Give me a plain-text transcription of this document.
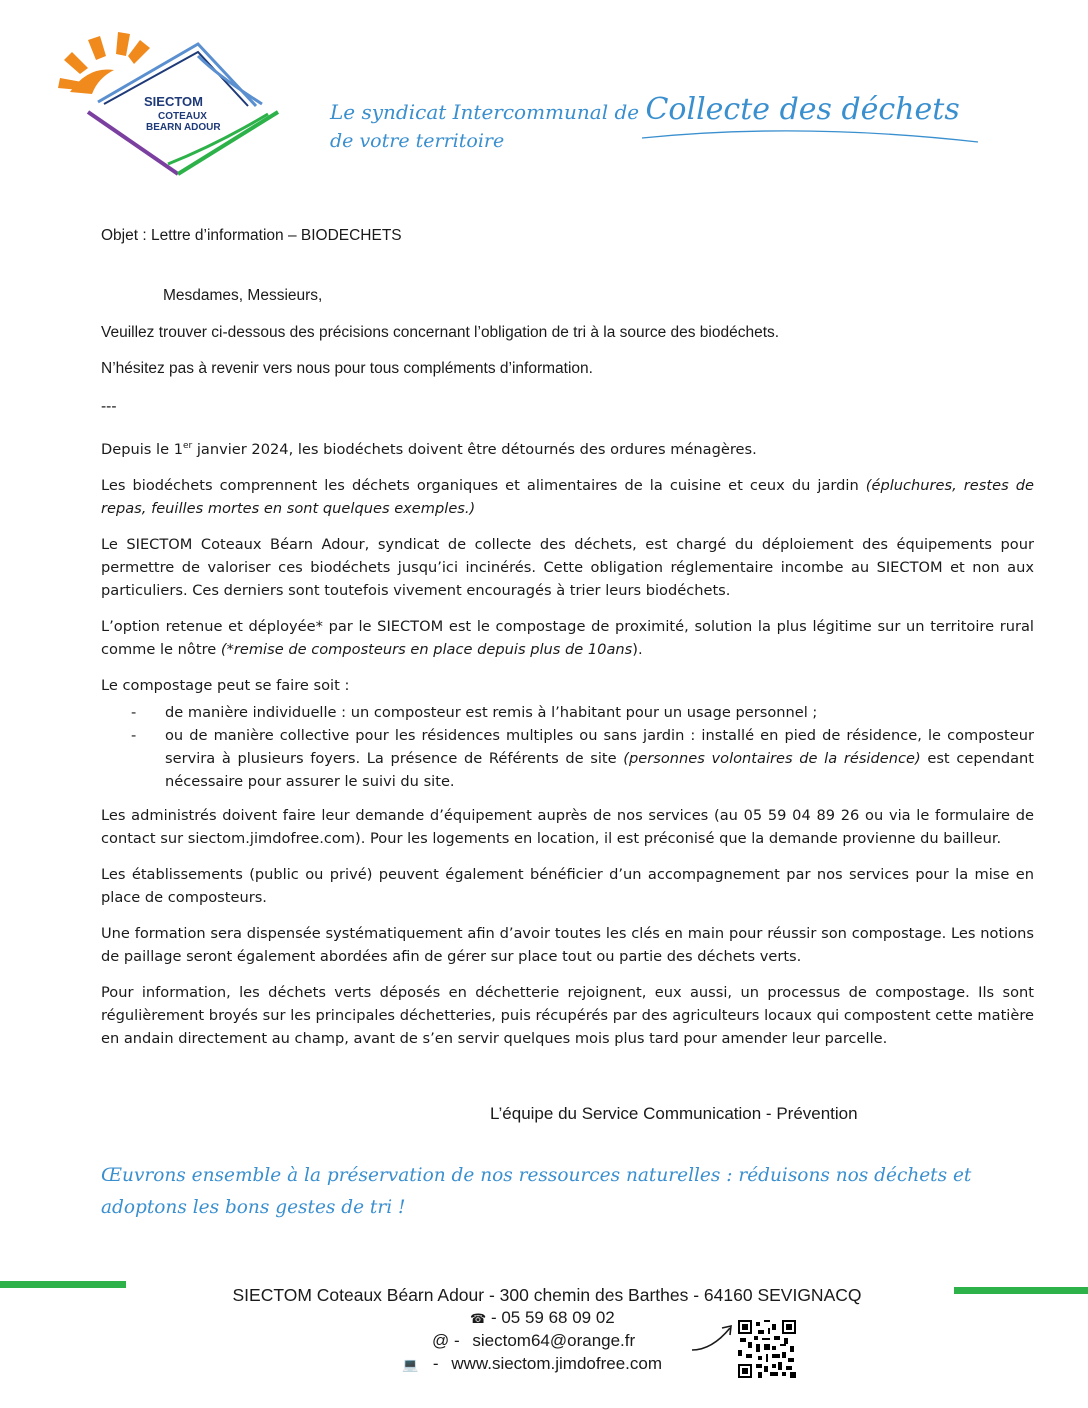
SIECTOM
COTEAUX
BEARN ADOUR
Le syndicat Intercommunal de Collecte des déchets
de votre territoire
Objet : Lettre d’information – BIODECHETS
Mesdames, Messieurs,
Veuillez trouver ci-dessous des précisions concernant l’obligation de tri à la source des biodéchets.
N’hésitez pas à revenir vers nous pour tous compléments d’information.
---

Depuis le 1er janvier 2024, les biodéchets doivent être détournés des ordures ménagères.

Les biodéchets comprennent les déchets organiques et alimentaires de la cuisine et ceux du jardin (épluchures, restes de repas, feuilles mortes en sont quelques exemples.)

Le SIECTOM Coteaux Béarn Adour, syndicat de collecte des déchets, est chargé du déploiement des équipements pour permettre de valoriser ces biodéchets jusqu’ici incinérés. Cette obligation réglementaire incombe au SIECTOM et non aux particuliers. Ces derniers sont toutefois vivement encouragés à trier leurs biodéchets.

L’option retenue et déployée* par le SIECTOM est le compostage de proximité, solution la plus légitime sur un territoire rural comme le nôtre (*remise de composteurs en place depuis plus de 10ans).

Le compostage peut se faire soit :

- de manière individuelle : un composteur est remis à l’habitant pour un usage personnel ;
- ou de manière collective pour les résidences multiples ou sans jardin : installé en pied de résidence, le composteur servira à plusieurs foyers. La présence de Référents de site (personnes volontaires de la résidence) est cependant nécessaire pour assurer le suivi du site.

Les administrés doivent faire leur demande d’équipement auprès de nos services (au 05 59 04 89 26 ou via le formulaire de contact sur siectom.jimdofree.com). Pour les logements en location, il est préconisé que la demande provienne du bailleur.

Les établissements (public ou privé) peuvent également bénéficier d’un accompagnement par nos services pour la mise en place de composteurs.

Une formation sera dispensée systématiquement afin d’avoir toutes les clés en main pour réussir son compostage. Les notions de paillage seront également abordées afin de gérer sur place tout ou partie des déchets verts.

Pour information, les déchets verts déposés en déchetterie rejoignent, eux aussi, un processus de compostage. Ils sont régulièrement broyés sur les principales déchetteries, puis récupérés par des agriculteurs locaux qui compostent cette matière en andain directement au champ, avant de s’en servir quelques mois plus tard pour amender leur parcelle.

L’équipe du Service Communication - Prévention
Œuvrons ensemble à la préservation de nos ressources naturelles : réduisons nos déchets et adoptons les bons gestes de tri !
SIECTOM Coteaux Béarn Adour - 300 chemin des Barthes - 64160 SEVIGNACQ
☎ - 05 59 68 09 02
@ - siectom64@orange.fr
💻 - www.siectom.jimdofree.com
